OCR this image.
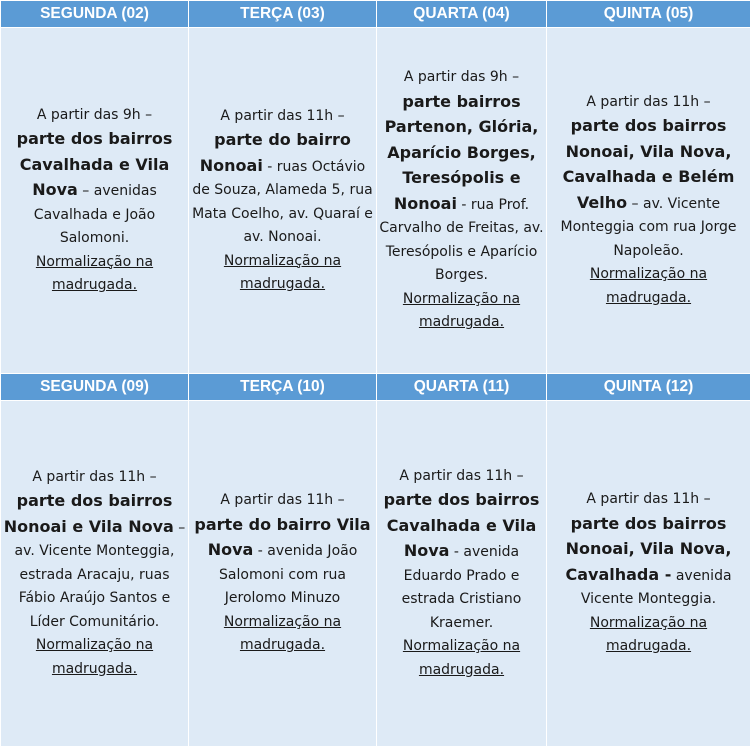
SEGUNDA (02)	TERÇA (03)	QUARTA (04)	QUINTA (05)
A partir das 9h –
parte dos bairros Cavalhada e Vila Nova – avenidas Cavalhada e João Salomoni.
Normalização na madrugada.	A partir das 11h –
parte do bairro Nonoai - ruas Octávio de Souza, Alameda 5, rua Mata Coelho, av. Quaraí e av. Nonoai.
Normalização na madrugada.	A partir das 9h –
parte bairros Partenon, Glória, Aparício Borges, Teresópolis e Nonoai - rua Prof. Carvalho de Freitas, av. Teresópolis e Aparício Borges.
Normalização na madrugada.	A partir das 11h –
parte dos bairros Nonoai, Vila Nova, Cavalhada e Belém Velho – av. Vicente Monteggia com rua Jorge Napoleão.
Normalização na madrugada.
SEGUNDA (09)	TERÇA (10)	QUARTA (11)	QUINTA (12)
A partir das 11h –
parte dos bairros Nonoai e Vila Nova – av. Vicente Monteggia, estrada Aracaju, ruas Fábio Araújo Santos e Líder Comunitário.
Normalização na madrugada.	A partir das 11h –
parte do bairro Vila Nova - avenida João Salomoni com rua Jerolomo Minuzo
Normalização na madrugada.	A partir das 11h –
parte dos bairros Cavalhada e Vila Nova - avenida Eduardo Prado e estrada Cristiano Kraemer.
Normalização na madrugada.	A partir das 11h –
parte dos bairros Nonoai, Vila Nova, Cavalhada - avenida Vicente Monteggia.
Normalização na madrugada.
